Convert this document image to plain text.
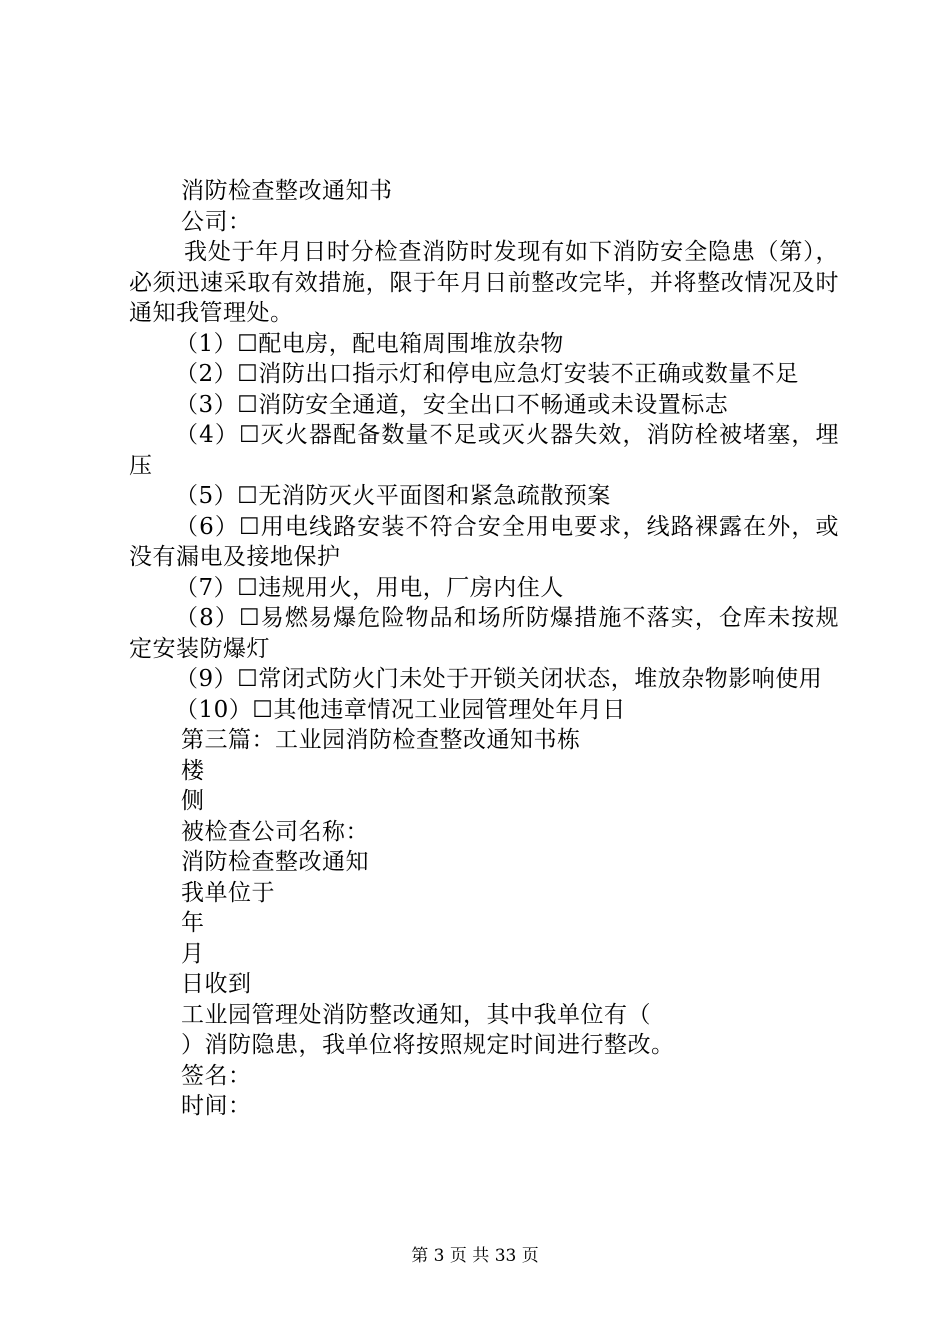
消防检查整改通知书
公司：
我处于年月日时分检查消防时发现有如下消防安全隐患（第），必须迅速采取有效措施，限于年月日前整改完毕，并将整改情况及时通知我管理处。
（1）☐配电房，配电箱周围堆放杂物
（2）☐消防出口指示灯和停电应急灯安装不正确或数量不足
（3）☐消防安全通道，安全出口不畅通或未设置标志
（4）☐灭火器配备数量不足或灭火器失效，消防栓被堵塞，埋压
（5）☐无消防灭火平面图和紧急疏散预案
（6）☐用电线路安装不符合安全用电要求，线路裸露在外，或没有漏电及接地保护
（7）☐违规用火，用电，厂房内住人
（8）☐易燃易爆危险物品和场所防爆措施不落实，仓库未按规定安装防爆灯
（9）☐常闭式防火门未处于开锁关闭状态，堆放杂物影响使用
（10）☐其他违章情况工业园管理处年月日
第三篇：工业园消防检查整改通知书栋
楼
侧
被检查公司名称：
消防检查整改通知
我单位于
年
月
日收到
工业园管理处消防整改通知，其中我单位有（
）消防隐患，我单位将按照规定时间进行整改。
签名：
时间：
第 3 页 共 33 页
